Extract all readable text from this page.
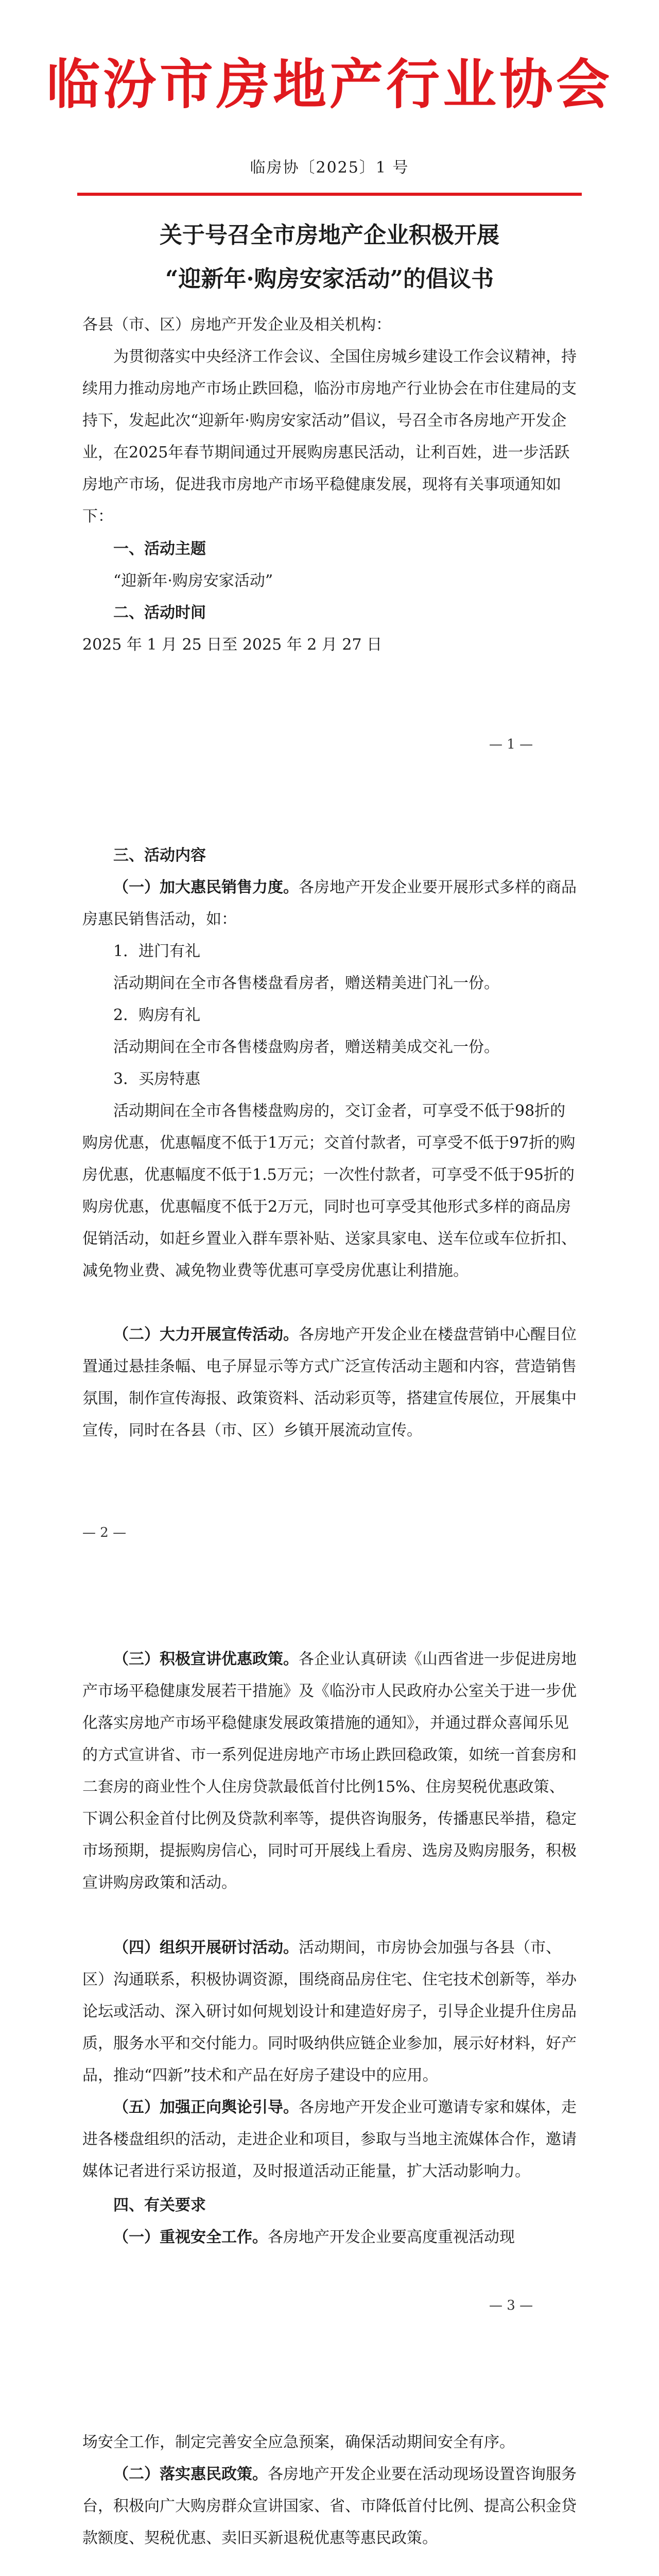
临汾市房地产行业协会
临房协〔2025〕1 号
关于号召全市房地产企业积极开展
“迎新年·购房安家活动”的倡议书
各县（市、区）房地产开发企业及相关机构：
为贯彻落实中央经济工作会议、全国住房城乡建设工作会议精神，持续用力推动房地产市场止跌回稳，临汾市房地产行业协会在市住建局的支持下，发起此次“迎新年·购房安家活动”倡议，号召全市各房地产开发企业，在2025年春节期间通过开展购房惠民活动，让利百姓，进一步活跃房地产市场，促进我市房地产市场平稳健康发展，现将有关事项通知如下：
一、活动主题
“迎新年·购房安家活动”
二、活动时间
2025 年 1 月 25 日至 2025 年 2 月 27 日
— 1 —
三、活动内容
（一）加大惠民销售力度。各房地产开发企业要开展形式多样的商品房惠民销售活动，如：
1．进门有礼
活动期间在全市各售楼盘看房者，赠送精美进门礼一份。
2．购房有礼
活动期间在全市各售楼盘购房者，赠送精美成交礼一份。
3．买房特惠
活动期间在全市各售楼盘购房的，交订金者，可享受不低于98折的购房优惠，优惠幅度不低于1万元；交首付款者，可享受不低于97折的购房优惠，优惠幅度不低于1.5万元；一次性付款者，可享受不低于95折的购房优惠，优惠幅度不低于2万元，同时也可享受其他形式多样的商品房促销活动，如赶乡置业入群车票补贴、送家具家电、送车位或车位折扣、减免物业费、减免物业费等优惠可享受房优惠让利措施。
（二）大力开展宣传活动。各房地产开发企业在楼盘营销中心醒目位置通过悬挂条幅、电子屏显示等方式广泛宣传活动主题和内容，营造销售氛围，制作宣传海报、政策资料、活动彩页等，搭建宣传展位，开展集中宣传，同时在各县（市、区）乡镇开展流动宣传。
— 2 —
（三）积极宣讲优惠政策。各企业认真研读《山西省进一步促进房地产市场平稳健康发展若干措施》及《临汾市人民政府办公室关于进一步优化落实房地产市场平稳健康发展政策措施的通知》，并通过群众喜闻乐见的方式宣讲省、市一系列促进房地产市场止跌回稳政策，如统一首套房和二套房的商业性个人住房贷款最低首付比例15%、住房契税优惠政策、下调公积金首付比例及贷款利率等，提供咨询服务，传播惠民举措，稳定市场预期，提振购房信心，同时可开展线上看房、选房及购房服务，积极宣讲购房政策和活动。
（四）组织开展研讨活动。活动期间，市房协会加强与各县（市、区）沟通联系，积极协调资源，围绕商品房住宅、住宅技术创新等，举办论坛或活动、深入研讨如何规划设计和建造好房子，引导企业提升住房品质，服务水平和交付能力。同时吸纳供应链企业参加，展示好材料，好产品，推动“四新”技术和产品在好房子建设中的应用。
（五）加强正向舆论引导。各房地产开发企业可邀请专家和媒体，走进各楼盘组织的活动，走进企业和项目，参取与当地主流媒体合作，邀请媒体记者进行采访报道，及时报道活动正能量，扩大活动影响力。
四、有关要求
（一）重视安全工作。各房地产开发企业要高度重视活动现
— 3 —
场安全工作，制定完善安全应急预案，确保活动期间安全有序。
（二）落实惠民政策。各房地产开发企业要在活动现场设置咨询服务台，积极向广大购房群众宣讲国家、省、市降低首付比例、提高公积金贷款额度、契税优惠、卖旧买新退税优惠等惠民政策。
